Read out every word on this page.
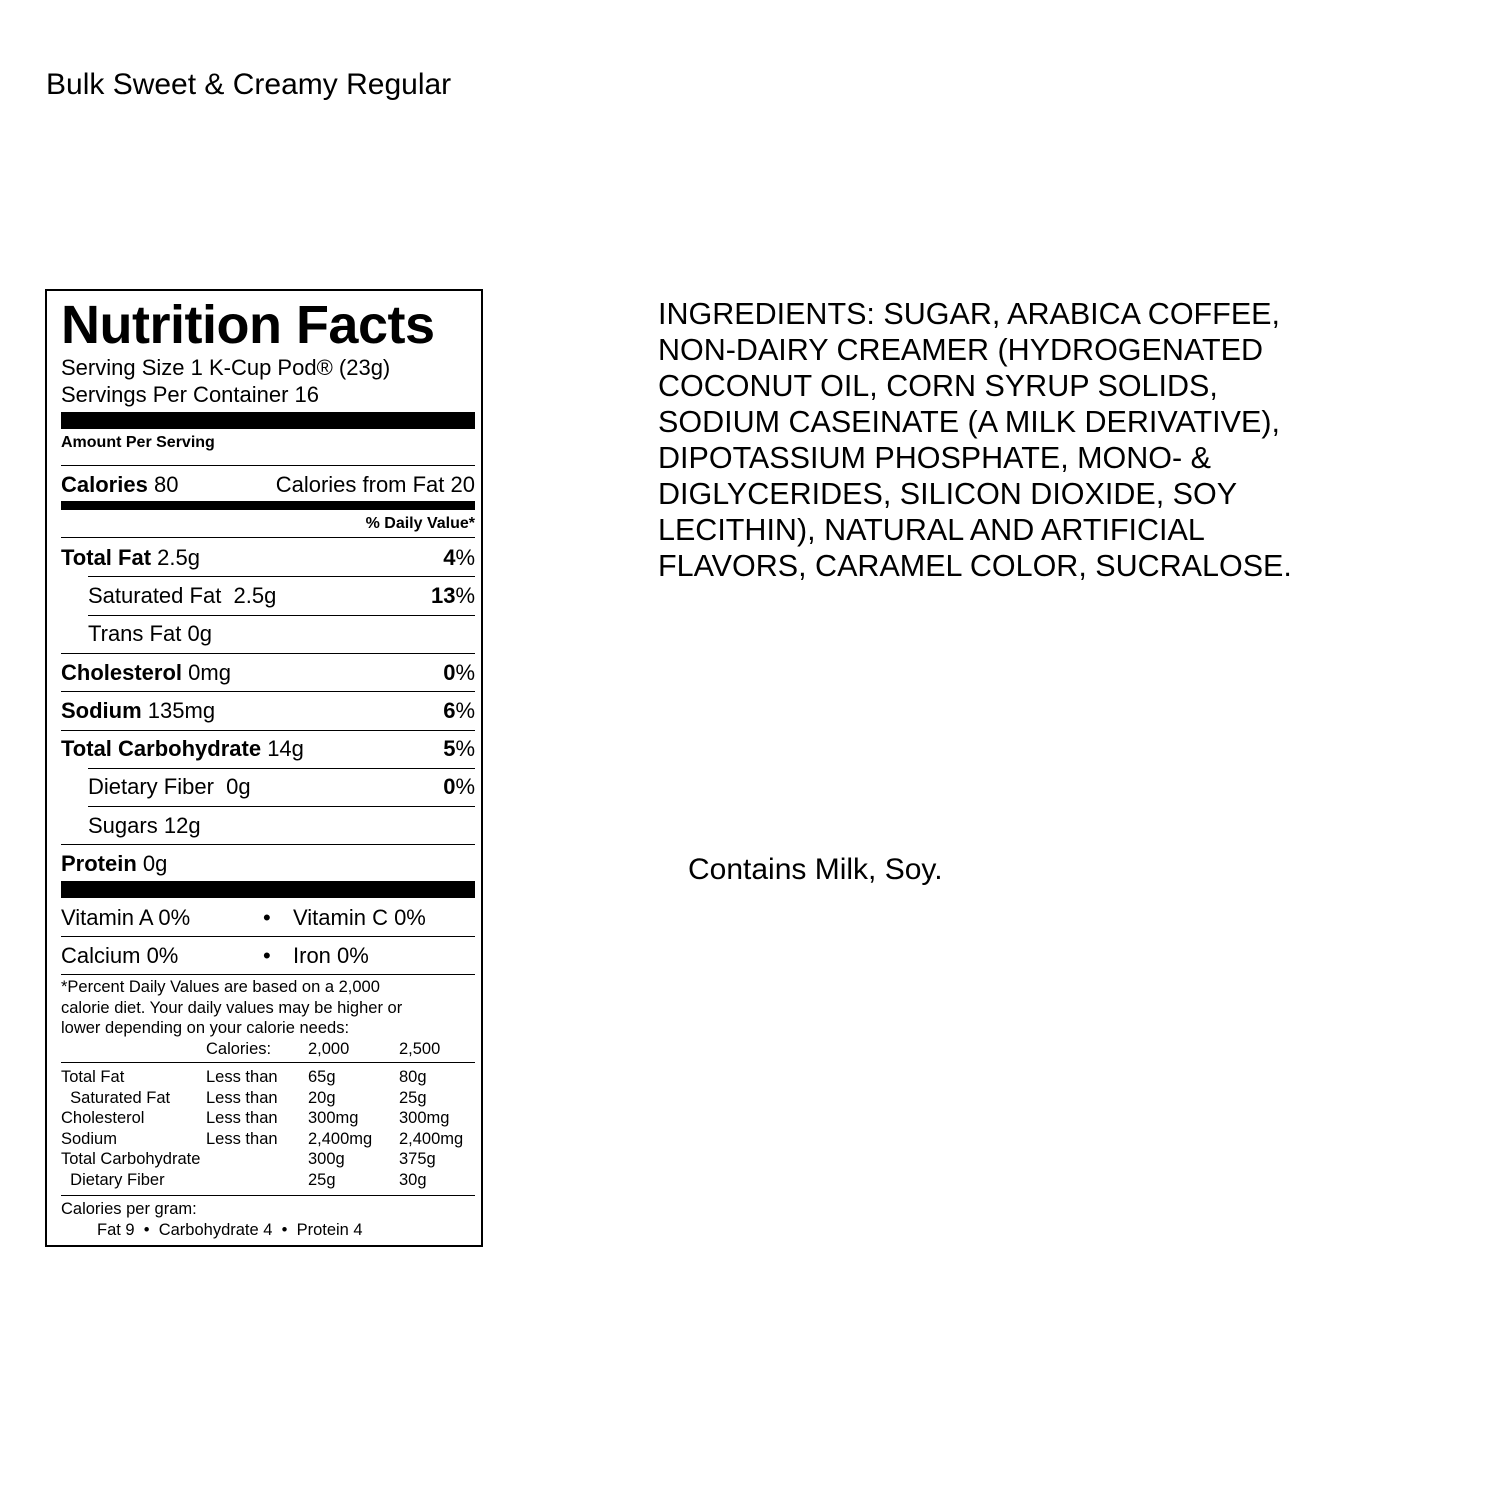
Bulk Sweet & Creamy Regular
Nutrition Facts
Serving Size 1 K-Cup Pod® (23g)
Servings Per Container 16
Amount Per Serving
Calories 80	Calories from Fat 20
% Daily Value*
*Percent Daily Values are based on a 2,000
calorie diet. Your daily values may be higher or
lower depending on your calorie needs:
	Calories:	2,000	2,500
Total Fat	Less than	65g	80g
Saturated Fat	Less than	20g	25g
Cholesterol	Less than	300mg	300mg
Sodium	Less than	2,400mg	2,400mg
Total Carbohydrate		300g	375g
Dietary Fiber		25g	30g
Calories per gram:
Fat 9  •  Carbohydrate 4  •  Protein 4
Total Fat 2.5g	4%
Saturated Fat  2.5g	13%
Trans Fat 0g
Cholesterol 0mg	0%
Sodium 135mg	6%
Total Carbohydrate 14g	5%
Dietary Fiber  0g	0%
Sugars 12g
Protein 0g
Vitamin A 0%	• Vitamin C 0%
Calcium 0%	• Iron 0%
INGREDIENTS: SUGAR, ARABICA COFFEE,
NON-DAIRY CREAMER (HYDROGENATED
COCONUT OIL, CORN SYRUP SOLIDS,
SODIUM CASEINATE (A MILK DERIVATIVE),
DIPOTASSIUM PHOSPHATE, MONO- &
DIGLYCERIDES, SILICON DIOXIDE, SOY
LECITHIN), NATURAL AND ARTIFICIAL
FLAVORS, CARAMEL COLOR, SUCRALOSE.
Contains Milk, Soy.
